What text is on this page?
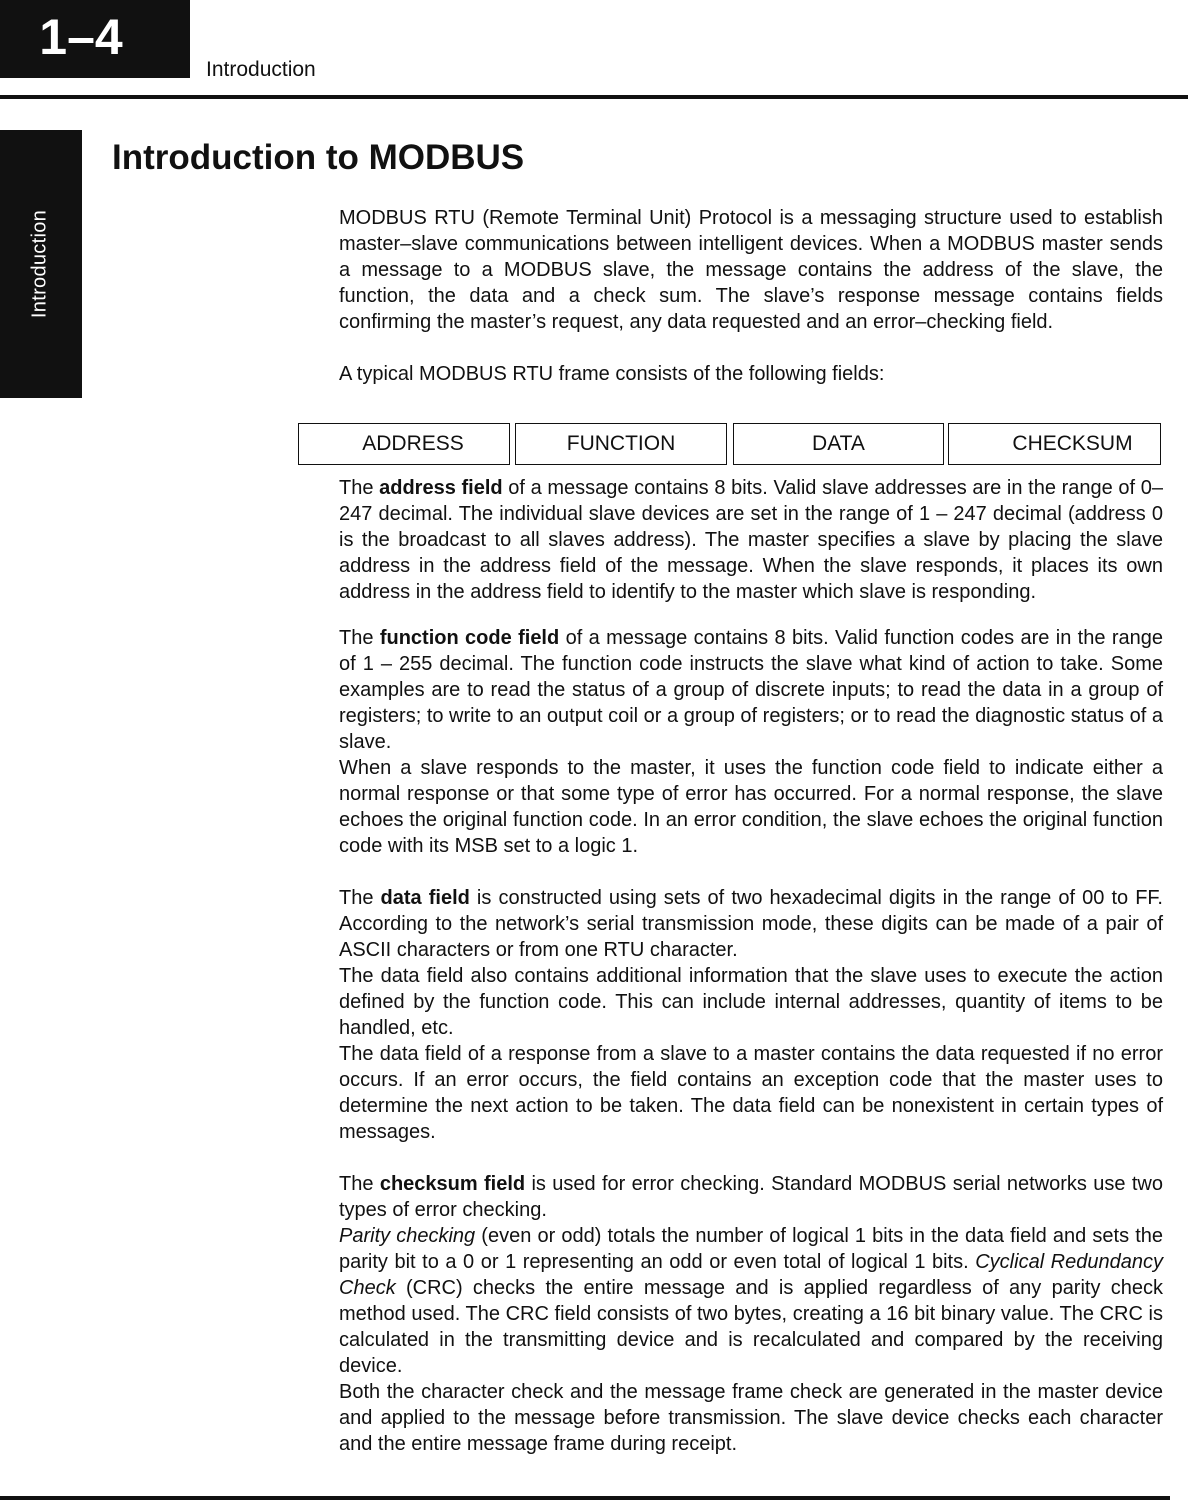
1–4
Introduction
Introduction
Introduction to MODBUS
ADDRESS	FUNCTION	DATA	CHECKSUM

MODBUS RTU (Remote Terminal Unit) Protocol is a messaging structure used to establish master–slave communications between intelligent devices. When a MODBUS master sends a message to a MODBUS slave, the message contains the address of the slave, the function, the data and a check sum. The slave’s response message contains fields confirming the master’s request, any data requested and an error–checking field.

A typical MODBUS RTU frame consists of the following fields:

The address field of a message contains 8 bits. Valid slave addresses are in the range of 0– 247 decimal. The individual slave devices are set in the range of 1 – 247 decimal (address 0 is the broadcast to all slaves address). The master specifies a slave by placing the slave address in the address field of the message. When the slave responds, it places its own address in the address field to identify to the master which slave is responding.

The function code field of a message contains 8 bits. Valid function codes are in the range of 1 – 255 decimal. The function code instructs the slave what kind of action to take. Some examples are to read the status of a group of discrete inputs; to read the data in a group of registers; to write to an output coil or a group of registers; or to read the diagnostic status of a slave.

When a slave responds to the master, it uses the function code field to indicate either a normal response or that some type of error has occurred. For a normal response, the slave echoes the original function code. In an error condition, the slave echoes the original function code with its MSB set to a logic 1.

The data field is constructed using sets of two hexadecimal digits in the range of 00 to FF. According to the network’s serial transmission mode, these digits can be made of a pair of ASCII characters or from one RTU character.

The data field also contains additional information that the slave uses to execute the action defined by the function code. This can include internal addresses, quantity of items to be handled, etc.

The data field of a response from a slave to a master contains the data requested if no error occurs. If an error occurs, the field contains an exception code that the master uses to determine the next action to be taken. The data field can be nonexistent in certain types of messages.

The checksum field is used for error checking. Standard MODBUS serial networks use two types of error checking.

Parity checking (even or odd) totals the number of logical 1 bits in the data field and sets the parity bit to a 0 or 1 representing an odd or even total of logical 1 bits. Cyclical Redundancy Check (CRC) checks the entire message and is applied regardless of any parity check method used. The CRC field consists of two bytes, creating a 16 bit binary value. The CRC is calculated in the transmitting device and is recalculated and compared by the receiving device.

Both the character check and the message frame check are generated in the master device and applied to the message before transmission. The slave device checks each character and the entire message frame during receipt.
